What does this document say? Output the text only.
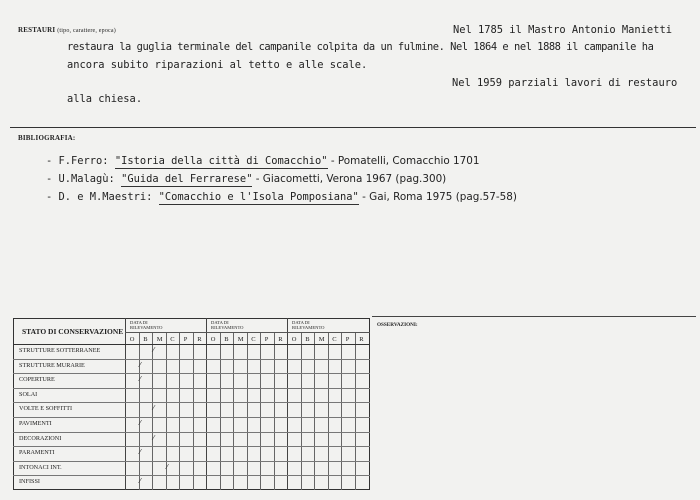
RESTAURI (tipo, carattere, epoca)	Nel 1785 il Mastro Antonio Manietti
restaura la guglia terminale del campanile colpita da un fulmine. Nel 1864 e nel 1888 il campanile ha
ancora subito riparazioni al tetto e alle scale.
Nel 1959 parziali lavori di restauro
alla chiesa.
BIBLIOGRAFIA:
- F.Ferro: "Istoria della città di Comacchio" - Pomatelli, Comacchio 1701
- U.Malagù: "Guida del Ferrarese" - Giacometti, Verona 1967 (pag.300)
- D. e M.Maestri: "Comacchio e l'Isola Pomposiana" - Gai, Roma 1975 (pag.57-58)
STATO DI CONSERVAZIONE
DATA DI
RILEVAMENTO
O B M C P R
DATA DI
RILEVAMENTO
O B M C P R
DATA DI
RILEVAMENTO
O B M C P R
STRUTTURE SOTTERRANEE
STRUTTURE MURARIE
COPERTURE
SOLAI
VOLTE E SOFFITTI
PAVIMENTI
DECORAZIONI
PARAMENTI
INTONACI INT.
INFISSI
⁄
⁄
⁄
⁄
⁄
⁄
⁄
⁄
⁄
OSSERVAZIONI:
